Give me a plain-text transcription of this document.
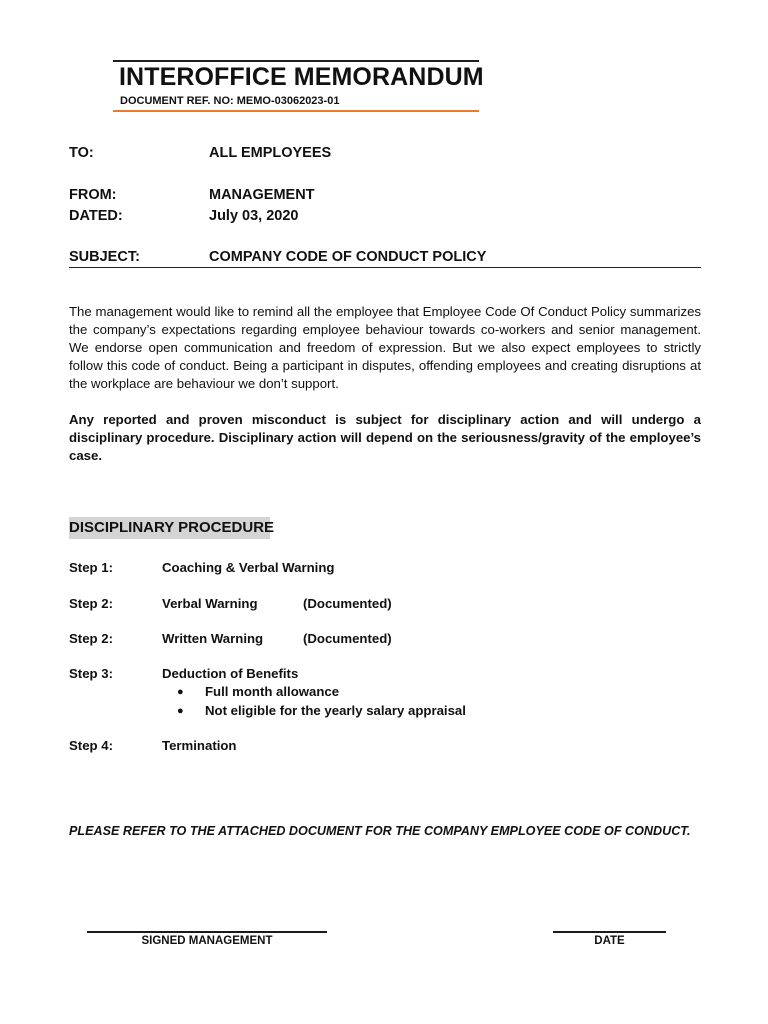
INTEROFFICE MEMORANDUM
DOCUMENT REF. NO: MEMO-03062023-01
TO:	ALL EMPLOYEES
FROM:	MANAGEMENT
DATED:	July 03, 2020
SUBJECT:	COMPANY CODE OF CONDUCT POLICY
The management would like to remind all the employee that Employee Code Of Conduct Policy summarizes the company’s expectations regarding employee behaviour towards co-workers and senior management. We endorse open communication and freedom of expression. But we also expect employees to strictly follow this code of conduct. Being a participant in disputes, offending employees and creating disruptions at the workplace are behaviour we don’t support.
Any reported and proven misconduct is subject for disciplinary action and will undergo a disciplinary procedure. Disciplinary action will depend on the seriousness/gravity of the employee’s case.
DISCIPLINARY PROCEDURE
Step 1:	Coaching & Verbal Warning
Step 2:	Verbal Warning	(Documented)
Step 2:	Written Warning	(Documented)
Step 3:	Deduction of Benefits
● Full month allowance
● Not eligible for the yearly salary appraisal
Step 4:	Termination
PLEASE REFER TO THE ATTACHED DOCUMENT FOR THE COMPANY EMPLOYEE CODE OF CONDUCT.
SIGNED MANAGEMENT	DATE
